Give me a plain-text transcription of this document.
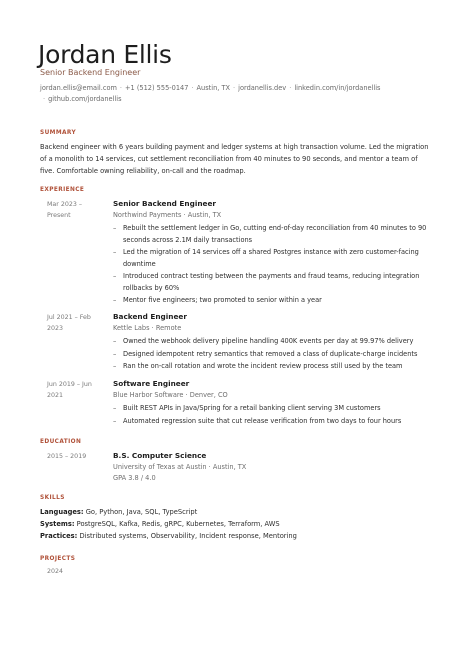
Jordan Ellis
Senior Backend Engineer
jordan.ellis@email.com · +1 (512) 555-0147 · Austin, TX · jordanellis.dev · linkedin.com/in/jordanellis
· github.com/jordanellis
SUMMARY
Backend engineer with 6 years building payment and ledger systems at high transaction volume. Led the migration of a monolith to 14 services, cut settlement reconciliation from 40 minutes to 90 seconds, and mentor a team of five. Comfortable owning reliability, on-call and the roadmap.
EXPERIENCE
Mar 2023 – Present
Senior Backend Engineer
Northwind Payments · Austin, TX
– Rebuilt the settlement ledger in Go, cutting end-of-day reconciliation from 40 minutes to 90 seconds across 2.1M daily transactions
– Led the migration of 14 services off a shared Postgres instance with zero customer-facing downtime
– Introduced contract testing between the payments and fraud teams, reducing integration rollbacks by 60%
– Mentor five engineers; two promoted to senior within a year
Jul 2021 – Feb 2023
Backend Engineer
Kettle Labs · Remote
– Owned the webhook delivery pipeline handling 400K events per day at 99.97% delivery
– Designed idempotent retry semantics that removed a class of duplicate-charge incidents
– Ran the on-call rotation and wrote the incident review process still used by the team
Jun 2019 – Jun 2021
Software Engineer
Blue Harbor Software · Denver, CO
– Built REST APIs in Java/Spring for a retail banking client serving 3M customers
– Automated regression suite that cut release verification from two days to four hours
EDUCATION
2015 – 2019	B.S. Computer Science
University of Texas at Austin · Austin, TX
GPA 3.8 / 4.0
SKILLS
Languages: Go, Python, Java, SQL, TypeScript
Systems: PostgreSQL, Kafka, Redis, gRPC, Kubernetes, Terraform, AWS
Practices: Distributed systems, Observability, Incident response, Mentoring
PROJECTS
2024
